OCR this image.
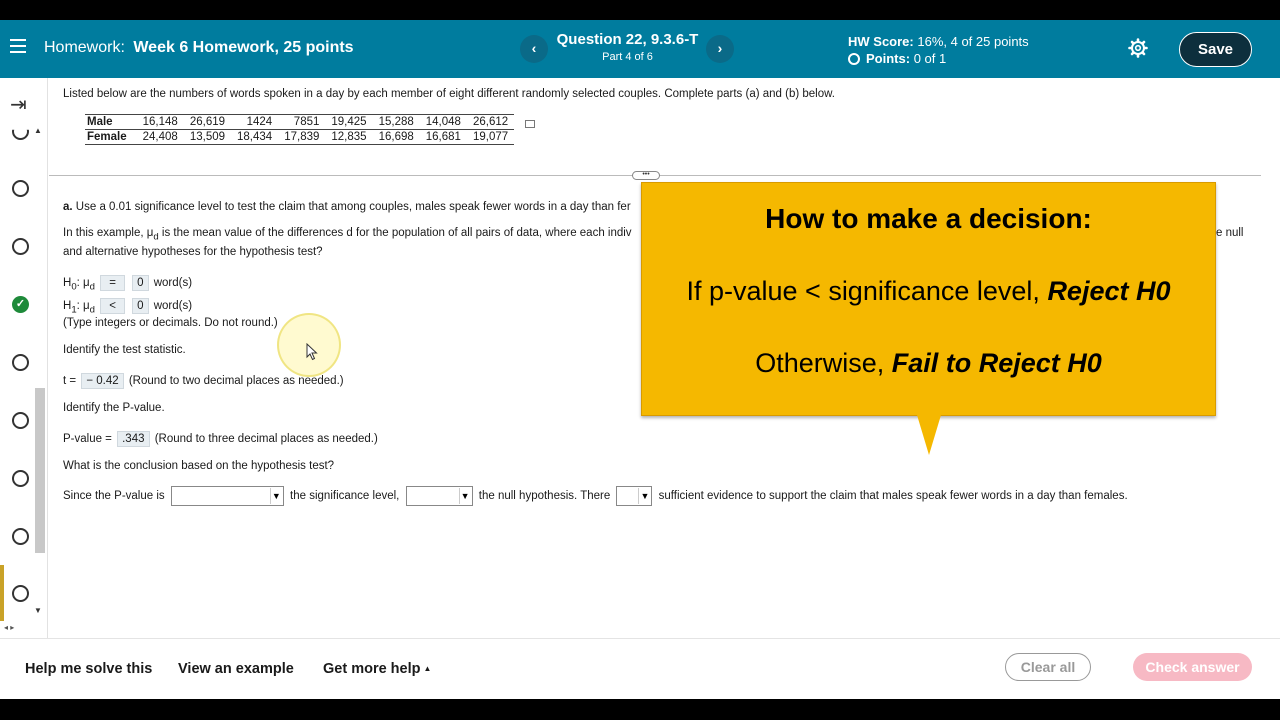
Homework: Week 6 Homework, 25 points	‹	Question 22, 9.3.6-T
Part 4 of 6
›	HW Score: 16%, 4 of 25 points
Points: 0 of 1
Save
⇥
▲
✓
▼
◂ ▸
Listed below are the numbers of words spoken in a day by each member of eight different randomly selected couples. Complete parts (a) and (b) below.
Male	16,148	26,619	1424	7851	19,425	15,288	14,048	26,612
Female	24,408	13,509	18,434	17,839	12,835	16,698	16,681	19,077
•••
a. Use a 0.01 significance level to test the claim that among couples, males speak fewer words in a day than fer
In this example, $\mu_d$ is the mean value of the differences d for the population of all pairs of data, where each indiv	e null
and alternative hypotheses for the hypothesis test?
$H_0$: $\mu_d = 0$ word(s)
$H_1$: $\mu_d < 0$ word(s)
(Type integers or decimals. Do not round.)
Identify the test statistic.
t = − 0.42 (Round to two decimal places as needed.)
Identify the P-value.
P-value = .343 (Round to three decimal places as needed.)
What is the conclusion based on the hypothesis test?
Since the P-value is	▼ the significance level,	▼ the null hypothesis. There	▼ sufficient evidence to support the claim that males speak fewer words in a day than females.
How to make a decision:
If p-value < significance level, Reject H0
Otherwise, Fail to Reject H0
Help me solve this View an example Get more help ▲	Clear all	Check answer
